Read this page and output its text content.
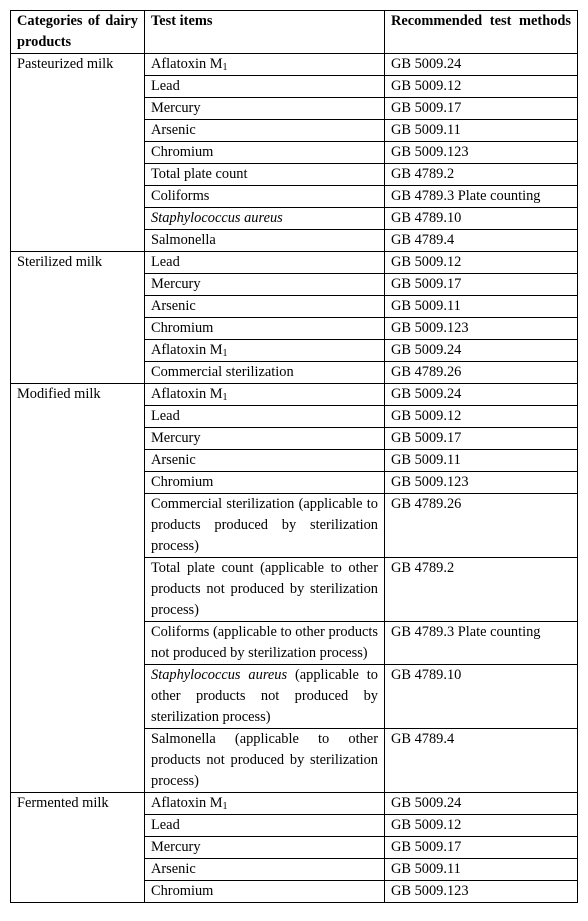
Categories of dairy products	Test items	Recommended test methods
Pasteurized milk	Aflatoxin $M_1$	GB 5009.24
	Lead	GB 5009.12
	Mercury	GB 5009.17
	Arsenic	GB 5009.11
	Chromium	GB 5009.123
	Total plate count	GB 4789.2
	Coliforms	GB 4789.3 Plate counting
	Staphylococcus aureus	GB 4789.10
	Salmonella	GB 4789.4
Sterilized milk	Lead	GB 5009.12
	Mercury	GB 5009.17
	Arsenic	GB 5009.11
	Chromium	GB 5009.123
	Aflatoxin $M_1$	GB 5009.24
	Commercial sterilization	GB 4789.26
Modified milk	Aflatoxin $M_1$	GB 5009.24
	Lead	GB 5009.12
	Mercury	GB 5009.17
	Arsenic	GB 5009.11
	Chromium	GB 5009.123
	Commercial sterilization (applicable to products produced by sterilization process)	GB 4789.26
	Total plate count (applicable to other products not produced by sterilization process)	GB 4789.2
	Coliforms (applicable to other products not produced by sterilization process)	GB 4789.3 Plate counting
	Staphylococcus aureus (applicable to other products not produced by sterilization process)	GB 4789.10
	Salmonella (applicable to other products not produced by sterilization process)	GB 4789.4
Fermented milk	Aflatoxin $M_1$	GB 5009.24
	Lead	GB 5009.12
	Mercury	GB 5009.17
	Arsenic	GB 5009.11
	Chromium	GB 5009.123
